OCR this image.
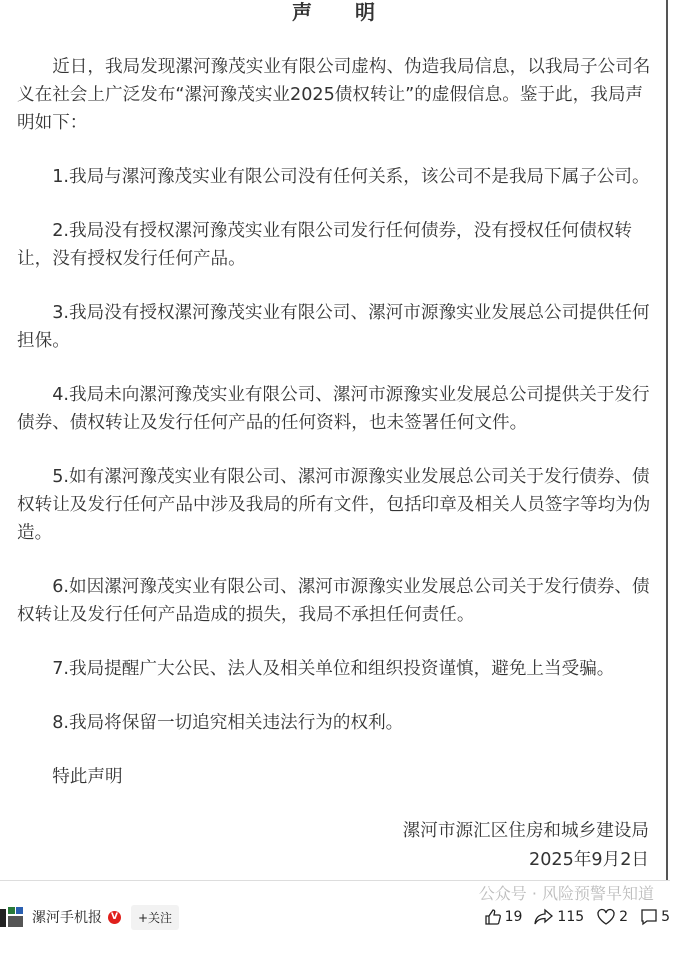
声　　明

近日，我局发现漯河豫茂实业有限公司虚构、伪造我局信息，以我局子公司名义在社会上广泛发布“漯河豫茂实业2025债权转让”的虚假信息。鉴于此，我局声明如下：

1.我局与漯河豫茂实业有限公司没有任何关系，该公司不是我局下属子公司。

2.我局没有授权漯河豫茂实业有限公司发行任何债券，没有授权任何债权转让，没有授权发行任何产品。

3.我局没有授权漯河豫茂实业有限公司、漯河市源豫实业发展总公司提供任何担保。

4.我局未向漯河豫茂实业有限公司、漯河市源豫实业发展总公司提供关于发行债券、债权转让及发行任何产品的任何资料，也未签署任何文件。

5.如有漯河豫茂实业有限公司、漯河市源豫实业发展总公司关于发行债券、债权转让及发行任何产品中涉及我局的所有文件，包括印章及相关人员签字等均为伪造。

6.如因漯河豫茂实业有限公司、漯河市源豫实业发展总公司关于发行债券、债权转让及发行任何产品造成的损失，我局不承担任何责任。

7.我局提醒广大公民、法人及相关单位和组织投资谨慎，避免上当受骗。

8.我局将保留一切追究相关违法行为的权利。

特此声明

漯河市源汇区住房和城乡建设局
2025年9月2日
公众号 · 风险预警早知道
漯河手机报	V	+关注	19	115	2 5
